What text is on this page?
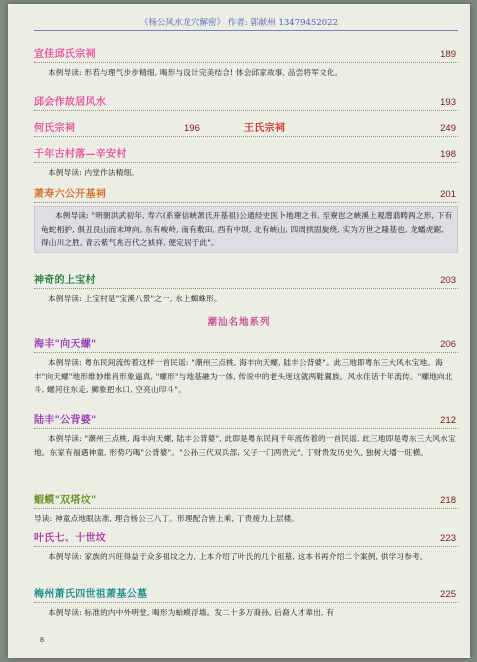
《杨公风水龙穴解密》 作者: 郭献州 13479452022
宜佳邱氏宗祠	189
本例导读: 形若与理气步步精细, 喝形与设计完美结合! 体会邱家故事, 品尝将军文化。
邱会作故居风水	193
何氏宗祠	196	王氏宗祠	249
千年古村落—辛安村	198
本例导读: 内堂作法精细。
萧寿六公开基祠	201
本例导读: "明朝洪武初年, 寿六(系寮信峡萧氏开基祖)公通经史医卜地理之书, 至寮岜之峡溪上观澧翡畴两之形, 下有龟蛇相护, 俱丑艮山而未坤向, 东有峻岭, 南有敷田, 西有中坝, 北有峡山, 四周拱固旋绕, 实为万世之隆基也, 龙蟠虎踞, 得山川之胜, 青云紫气兆百代之祯祥, 便定居于此"。
神奇的上宝村	203
本例导读: 上宝村是"宝溪八景"之一, 水上蜘蛛形。
潮汕名地系列
海丰"向天螺"	206
本例导读: 粤东民间流传着这样一首民谣: "潮州三点桃, 海丰向天螺, 陆丰公背婆"。此三地即粤东三大风水宝地。海丰"向天螺"地形维妙维肖形象逼真, "螺形"与地基融为一体, 传说中的老头迷这就两鞋翼族。风水佳话千年流传。"螺地向北斗, 螺河往东走, 狮象把水口, 空亮山印斗"。
陆丰"公背婆"	212
本例导读: "潮州三点桃, 海丰向天螺, 陆丰公背婆", 此即是粤东民间千年流传着的一首民谣, 此三地即是粤东三大风水宝地。东家有福遇神童, 形势巧喝"公背婆"。"公孙三代双兵部, 父子一门两贵元", 丁财贵发历史久, 独树大墦一旺横。
蝦蟆"双塔坟"	218
导读: 神童点地眼法准, 理合杨公三八丁。形理配合皆上乘, 丁贵接力上层楼。
叶氏七、十世坟	223
本例导读: 家族的兴旺得益于众多祖坟之力, 上本介绍了叶氏的几个祖墓, 这本书再介绍二个案例, 供学习参考。
梅州萧氏四世祖萧基公墓	225
本例导读: 标准的内中外明堂, 喝形为蛤蟆浮墙。发二十多万裔孙, 后裔人才辈出, 有
8
